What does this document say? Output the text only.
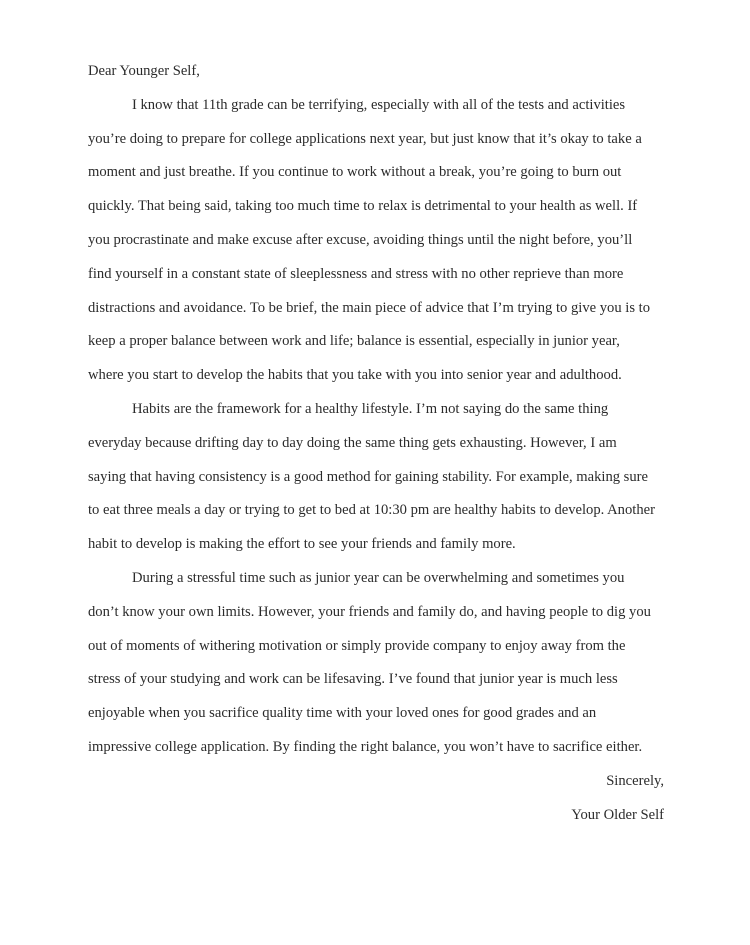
Dear Younger Self,
I know that 11th grade can be terrifying, especially with all of the tests and activities
you’re doing to prepare for college applications next year, but just know that it’s okay to take a
moment and just breathe. If you continue to work without a break, you’re going to burn out
quickly. That being said, taking too much time to relax is detrimental to your health as well. If
you procrastinate and make excuse after excuse, avoiding things until the night before, you’ll
find yourself in a constant state of sleeplessness and stress with no other reprieve than more
distractions and avoidance. To be brief, the main piece of advice that I’m trying to give you is to
keep a proper balance between work and life; balance is essential, especially in junior year,
where you start to develop the habits that you take with you into senior year and adulthood.
Habits are the framework for a healthy lifestyle. I’m not saying do the same thing
everyday because drifting day to day doing the same thing gets exhausting. However, I am
saying that having consistency is a good method for gaining stability. For example, making sure
to eat three meals a day or trying to get to bed at 10:30 pm are healthy habits to develop. Another
habit to develop is making the effort to see your friends and family more.
During a stressful time such as junior year can be overwhelming and sometimes you
don’t know your own limits. However, your friends and family do, and having people to dig you
out of moments of withering motivation or simply provide company to enjoy away from the
stress of your studying and work can be lifesaving. I’ve found that junior year is much less
enjoyable when you sacrifice quality time with your loved ones for good grades and an
impressive college application. By finding the right balance, you won’t have to sacrifice either.
Sincerely,
Your Older Self
